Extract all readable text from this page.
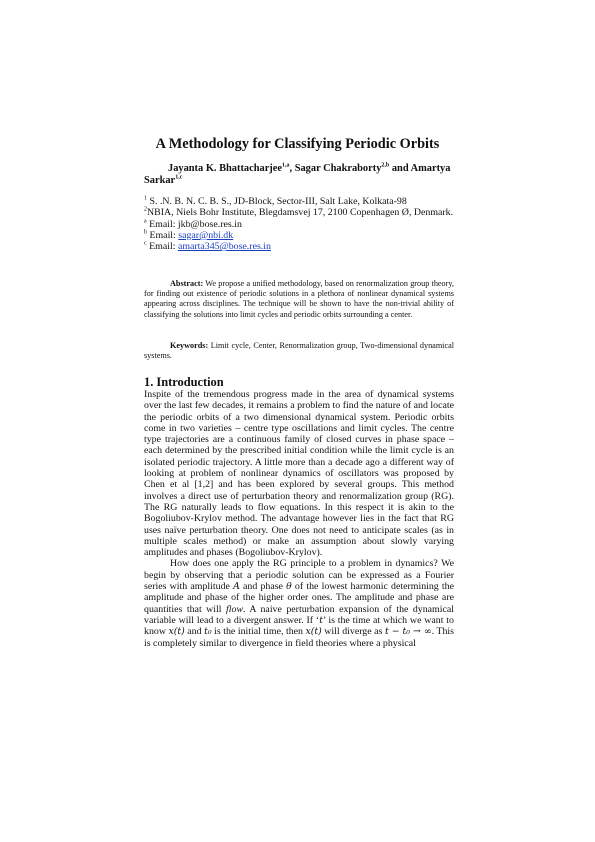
A Methodology for Classifying Periodic Orbits
Jayanta K. Bhattacharjee$^{1,a}$, Sagar Chakraborty$^{2,b}$ and Amartya
Sarkar$^{1,c}$
$^1$ S. .N. B. N. C. B. S., JD-Block, Sector-III, Salt Lake, Kolkata-98
$^2$NBIA, Niels Bohr Institute, Blegdamsvej 17, 2100 Copenhagen Ø, Denmark.
$^a$ Email: jkb@bose.res.in
$^b$ Email: sagar@nbi.dk
$^c$ Email: amarta345@bose.res.in

Abstract: We propose a unified methodology, based on renormalization group theory, for finding out existence of periodic solutions in a plethora of nonlinear dynamical systems appearing across disciplines. The technique will be shown to have the non-trivial ability of classifying the solutions into limit cycles and periodic orbits surrounding a center.

Keywords: Limit cycle, Center, Renormalization group, Two-dimensional dynamical systems.

1. Introduction

Inspite of the tremendous progress made in the area of dynamical systems over the last few decades, it remains a problem to find the nature of and locate the periodic orbits of a two dimensional dynamical system. Periodic orbits come in two varieties – centre type oscillations and limit cycles. The centre type trajectories are a continuous family of closed curves in phase space – each determined by the prescribed initial condition while the limit cycle is an isolated periodic trajectory. A little more than a decade ago a different way of looking at problem of nonlinear dynamics of oscillators was proposed by Chen et al [1,2] and has been explored by several groups. This method involves a direct use of perturbation theory and renormalization group (RG). The RG naturally leads to flow equations. In this respect it is akin to the Bogoliubov-Krylov method. The advantage however lies in the fact that RG uses naïve perturbation theory. One does not need to anticipate scales (as in multiple scales method) or make an assumption about slowly varying amplitudes and phases (Bogoliubov-Krylov).

How does one apply the RG principle to a problem in dynamics? We begin by observing that a periodic solution can be expressed as a Fourier series with amplitude A and phase θ of the lowest harmonic determining the amplitude and phase of the higher order ones. The amplitude and phase are quantities that will flow. A naive perturbation expansion of the dynamical variable will lead to a divergent answer. If ‘t’ is the time at which we want to know x(t) and t₀ is the initial time, then x(t) will diverge as t − t₀ → ∞. This is completely similar to divergence in field theories where a physical
